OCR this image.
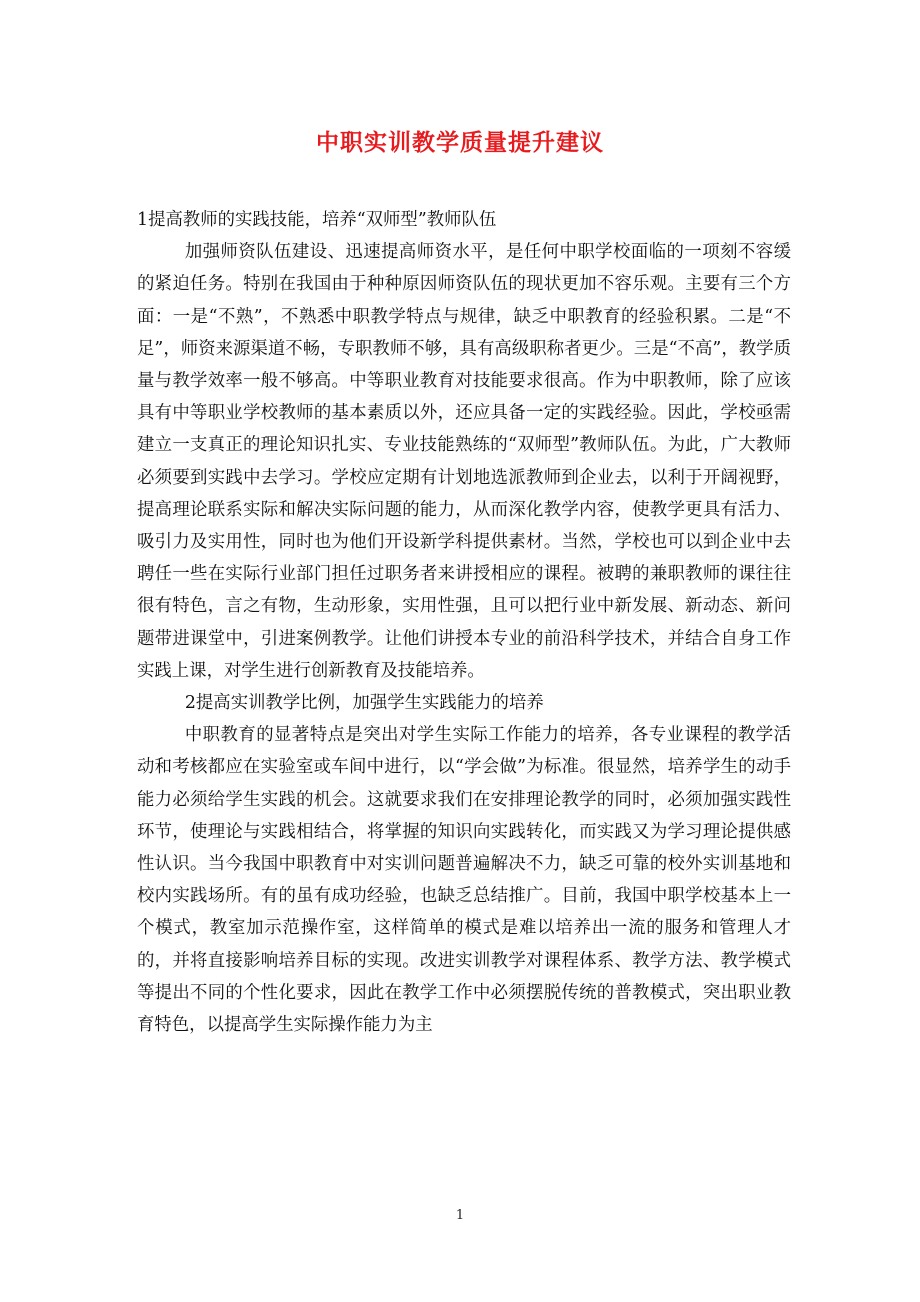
中职实训教学质量提升建议

1提高教师的实践技能，培养“双师型”教师队伍

加强师资队伍建设、迅速提高师资水平，是任何中职学校面临的一项刻不容缓的紧迫任务。特别在我国由于种种原因师资队伍的现状更加不容乐观。主要有三个方面：一是“不熟”，不熟悉中职教学特点与规律，缺乏中职教育的经验积累。二是“不足”，师资来源渠道不畅，专职教师不够，具有高级职称者更少。三是“不高”，教学质量与教学效率一般不够高。中等职业教育对技能要求很高。作为中职教师，除了应该具有中等职业学校教师的基本素质以外，还应具备一定的实践经验。因此，学校亟需建立一支真正的理论知识扎实、专业技能熟练的“双师型”教师队伍。为此，广大教师必须要到实践中去学习。学校应定期有计划地选派教师到企业去，以利于开阔视野，提高理论联系实际和解决实际问题的能力，从而深化教学内容，使教学更具有活力、吸引力及实用性，同时也为他们开设新学科提供素材。当然，学校也可以到企业中去聘任一些在实际行业部门担任过职务者来讲授相应的课程。被聘的兼职教师的课往往很有特色，言之有物，生动形象，实用性强，且可以把行业中新发展、新动态、新问题带进课堂中，引进案例教学。让他们讲授本专业的前沿科学技术，并结合自身工作实践上课，对学生进行创新教育及技能培养。

2提高实训教学比例，加强学生实践能力的培养

中职教育的显著特点是突出对学生实际工作能力的培养，各专业课程的教学活动和考核都应在实验室或车间中进行，以“学会做”为标准。很显然，培养学生的动手能力必须给学生实践的机会。这就要求我们在安排理论教学的同时，必须加强实践性环节，使理论与实践相结合，将掌握的知识向实践转化，而实践又为学习理论提供感性认识。当今我国中职教育中对实训问题普遍解决不力，缺乏可靠的校外实训基地和校内实践场所。有的虽有成功经验，也缺乏总结推广。目前，我国中职学校基本上一个模式，教室加示范操作室，这样简单的模式是难以培养出一流的服务和管理人才的，并将直接影响培养目标的实现。改进实训教学对课程体系、教学方法、教学模式等提出不同的个性化要求，因此在教学工作中必须摆脱传统的普教模式，突出职业教育特色，以提高学生实际操作能力为主

1
